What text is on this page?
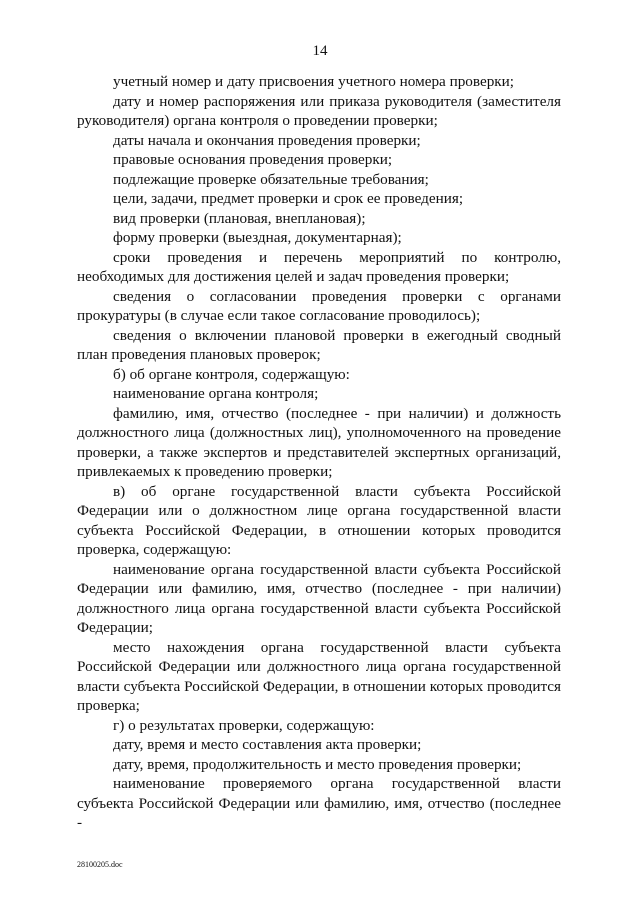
14

учетный номер и дату присвоения учетного номера проверки;

дату и номер распоряжения или приказа руководителя (заместителя руководителя) органа контроля о проведении проверки;

даты начала и окончания проведения проверки;

правовые основания проведения проверки;

подлежащие проверке обязательные требования;

цели, задачи, предмет проверки и срок ее проведения;

вид проверки (плановая, внеплановая);

форму проверки (выездная, документарная);

сроки проведения и перечень мероприятий по контролю, необходимых для достижения целей и задач проведения проверки;

сведения о согласовании проведения проверки с органами прокуратуры (в случае если такое согласование проводилось);

сведения о включении плановой проверки в ежегодный сводный план проведения плановых проверок;

б) об органе контроля, содержащую:

наименование органа контроля;

фамилию, имя, отчество (последнее - при наличии) и должность должностного лица (должностных лиц), уполномоченного на проведение проверки, а также экспертов и представителей экспертных организаций, привлекаемых к проведению проверки;

в) об органе государственной власти субъекта Российской Федерации или о должностном лице органа государственной власти субъекта Российской Федерации, в отношении которых проводится проверка, содержащую:

наименование органа государственной власти субъекта Российской Федерации или фамилию, имя, отчество (последнее - при наличии) должностного лица органа государственной власти субъекта Российской Федерации;

место нахождения органа государственной власти субъекта Российской Федерации или должностного лица органа государственной власти субъекта Российской Федерации, в отношении которых проводится проверка;

г) о результатах проверки, содержащую:

дату, время и место составления акта проверки;

дату, время, продолжительность и место проведения проверки;

наименование проверяемого органа государственной власти субъекта Российской Федерации или фамилию, имя, отчество (последнее -

28100205.doc
